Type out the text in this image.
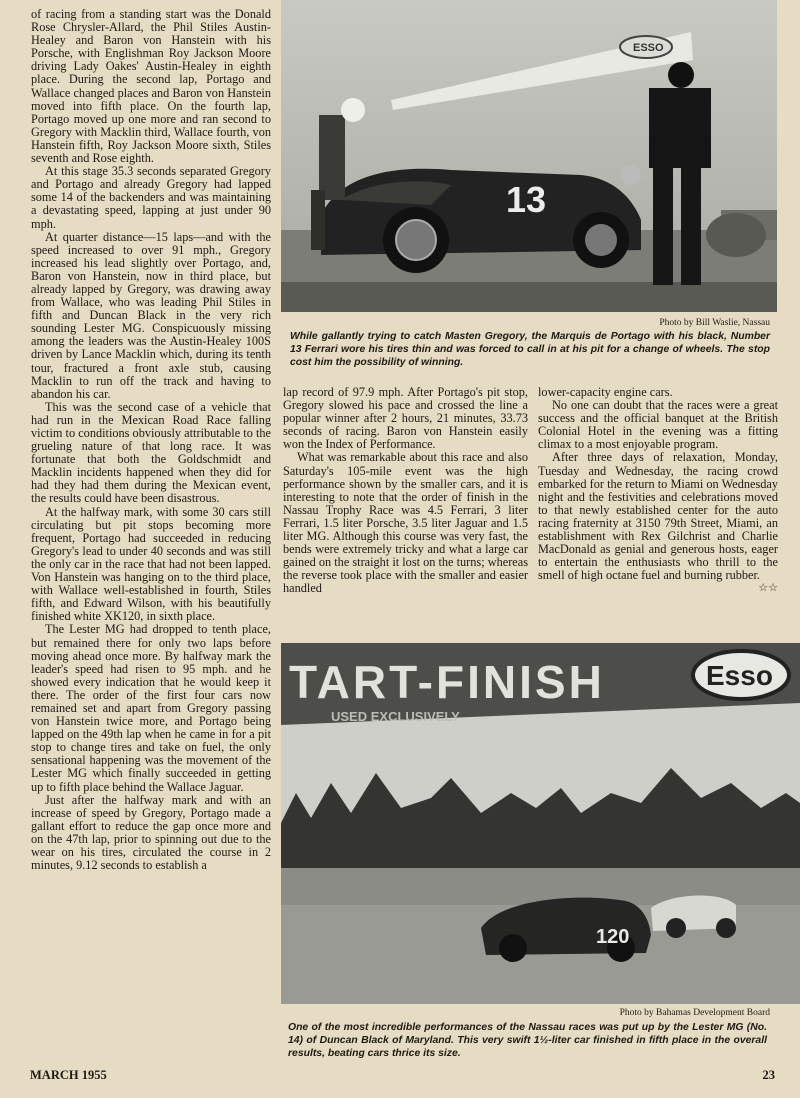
of racing from a standing start was the Donald Rose Chrysler-Allard, the Phil Stiles Austin-Healey and Baron von Hanstein with his Porsche, with Englishman Roy Jackson Moore driving Lady Oakes' Austin-Healey in eighth place. During the second lap, Portago and Wallace changed places and Baron von Hanstein moved into fifth place. On the fourth lap, Portago moved up one more and ran second to Gregory with Macklin third, Wallace fourth, von Hanstein fifth, Roy Jackson Moore sixth, Stiles seventh and Rose eighth.

At this stage 35.3 seconds separated Gregory and Portago and already Gregory had lapped some 14 of the backenders and was maintaining a devastating speed, lapping at just under 90 mph.

At quarter distance—15 laps—and with the speed increased to over 91 mph., Gregory increased his lead slightly over Portago, and, Baron von Hanstein, now in third place, but already lapped by Gregory, was drawing away from Wallace, who was leading Phil Stiles in fifth and Duncan Black in the very rich sounding Lester MG. Conspicuously missing among the leaders was the Austin-Healey 100S driven by Lance Macklin which, during its tenth tour, fractured a front axle stub, causing Macklin to run off the track and having to abandon his car.

This was the second case of a vehicle that had run in the Mexican Road Race falling victim to conditions obviously attributable to the grueling nature of that long race. It was fortunate that both the Goldschmidt and Macklin incidents happened when they did for had they had them during the Mexican event, the results could have been disastrous.

At the halfway mark, with some 30 cars still circulating but pit stops becoming more frequent, Portago had succeeded in reducing Gregory's lead to under 40 seconds and was still the only car in the race that had not been lapped. Von Hanstein was hanging on to the third place, with Wallace well-established in fourth, Stiles fifth, and Edward Wilson, with his beautifully finished white XK120, in sixth place.

The Lester MG had dropped to tenth place, but remained there for only two laps before moving ahead once more. By halfway mark the leader's speed had risen to 95 mph. and he showed every indication that he would keep it there. The order of the first four cars now remained set and apart from Gregory passing von Hanstein twice more, and Portago being lapped on the 49th lap when he came in for a pit stop to change tires and take on fuel, the only sensational happening was the movement of the Lester MG which finally succeeded in getting up to fifth place behind the Wallace Jaguar.

Just after the halfway mark and with an increase of speed by Gregory, Portago made a gallant effort to reduce the gap once more and on the 47th lap, prior to spinning out due to the wear on his tires, circulated the course in 2 minutes, 9.12 seconds to establish a

ESSO
13
Photo by Bill Waslie, Nassau
While gallantly trying to catch Masten Gregory, the Marquis de Portago with his black, Number 13 Ferrari wore his tires thin and was forced to call in at his pit for a change of wheels. The stop cost him the possibility of winning.

lap record of 97.9 mph. After Portago's pit stop, Gregory slowed his pace and crossed the line a popular winner after 2 hours, 21 minutes, 33.73 seconds of racing. Baron von Hanstein easily won the Index of Performance.

What was remarkable about this race and also Saturday's 105-mile event was the high performance shown by the smaller cars, and it is interesting to note that the order of finish in the Nassau Trophy Race was 4.5 Ferrari, 3 liter Ferrari, 1.5 liter Porsche, 3.5 liter Jaguar and 1.5 liter MG. Although this course was very fast, the bends were extremely tricky and what a large car gained on the straight it lost on the turns; whereas the reverse took place with the smaller and easier handled

lower-capacity engine cars.

No one can doubt that the races were a great success and the official banquet at the British Colonial Hotel in the evening was a fitting climax to a most enjoyable program.

After three days of relaxation, Monday, Tuesday and Wednesday, the racing crowd embarked for the return to Miami on Wednesday night and the festivities and celebrations moved to that newly established center for the auto racing fraternity at 3150 79th Street, Miami, an establishment with Rex Gilchrist and Charlie MacDonald as genial and generous hosts, eager to entertain the enthusiasts who thrill to the smell of high octane fuel and burning rubber.
☆☆

TART-FINISH
USED EXCLUSIVELY
Esso
120
Photo by Bahamas Development Board
One of the most incredible performances of the Nassau races was put up by the Lester MG (No. 14) of Duncan Black of Maryland. This very swift 1½-liter car finished in fifth place in the overall results, beating cars thrice its size.
MARCH 1955	23
